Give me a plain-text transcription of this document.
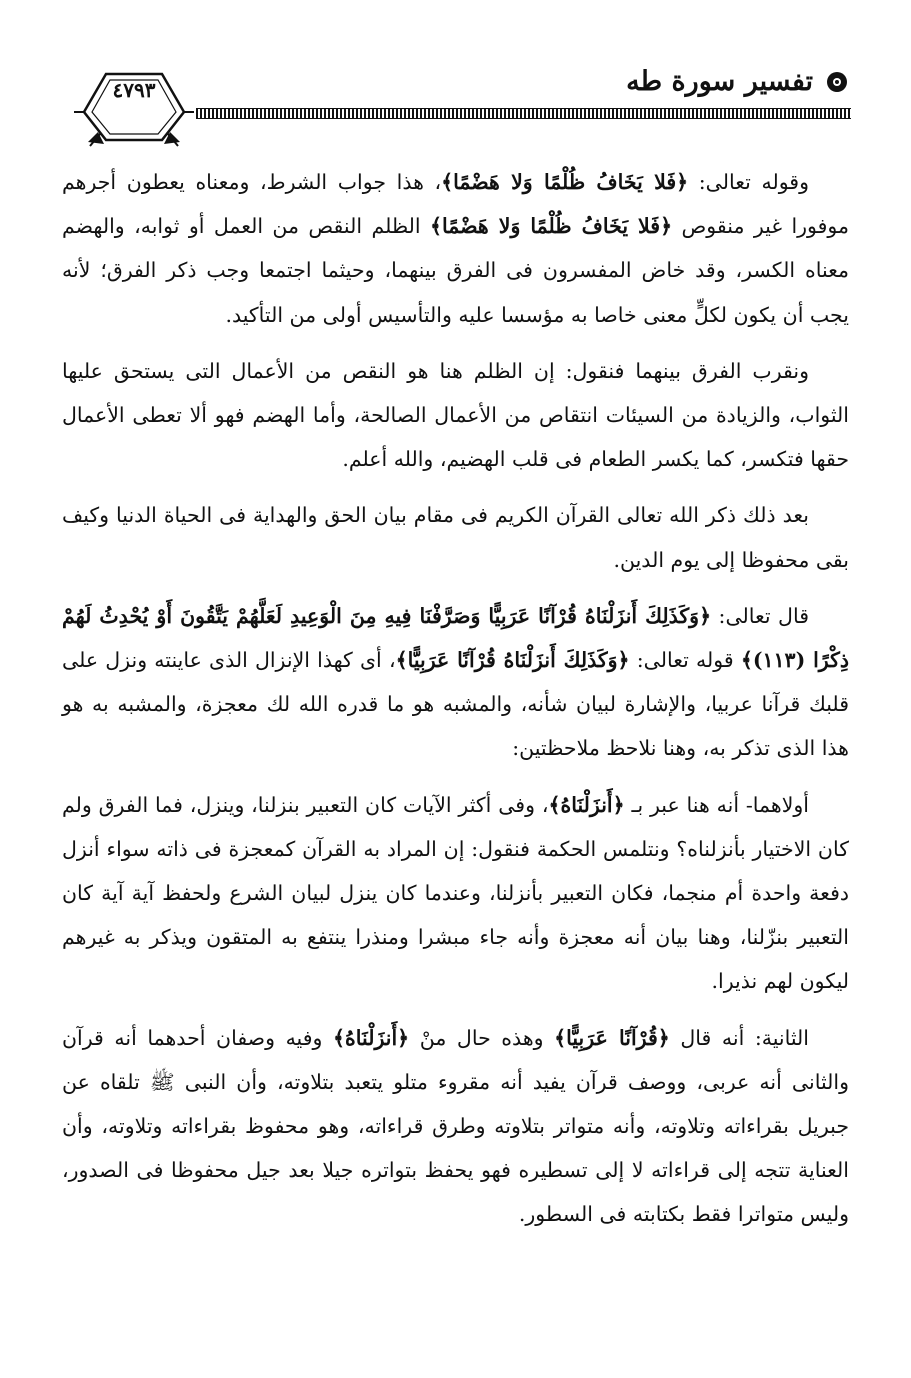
٤٧٩٣	تفسير سورة طه

وقوله تعالى: ﴿فَلا يَخَافُ ظُلْمًا وَلا هَضْمًا﴾، هذا جواب الشرط، ومعناه يعطون أجرهم موفورا غير منقوص ﴿فَلا يَخَافُ ظُلْمًا وَلا هَضْمًا﴾ الظلم النقص من العمل أو ثوابه، والهضم معناه الكسر، وقد خاض المفسرون فى الفرق بينهما، وحيثما اجتمعا وجب ذكر الفرق؛ لأنه يجب أن يكون لكلٍّ معنى خاصا به مؤسسا عليه والتأسيس أولى من التأكيد.

ونقرب الفرق بينهما فنقول: إن الظلم هنا هو النقص من الأعمال التى يستحق عليها الثواب، والزيادة من السيئات انتقاص من الأعمال الصالحة، وأما الهضم فهو ألا تعطى الأعمال حقها فتكسر، كما يكسر الطعام فى قلب الهضيم، والله أعلم.

بعد ذلك ذكر الله تعالى القرآن الكريم فى مقام بيان الحق والهداية فى الحياة الدنيا وكيف بقى محفوظا إلى يوم الدين.

قال تعالى: ﴿وَكَذَلِكَ أَنزَلْنَاهُ قُرْآنًا عَرَبِيًّا وَصَرَّفْنَا فِيهِ مِنَ الْوَعِيدِ لَعَلَّهُمْ يَتَّقُونَ أَوْ يُحْدِثُ لَهُمْ ذِكْرًا (١١٣)﴾ قوله تعالى: ﴿وَكَذَلِكَ أَنزَلْنَاهُ قُرْآنًا عَرَبِيًّا﴾، أى كهذا الإنزال الذى عاينته ونزل على قلبك قرآنا عربيا، والإشارة لبيان شأنه، والمشبه هو ما قدره الله لك معجزة، والمشبه به هو هذا الذى تذكر به، وهنا نلاحظ ملاحظتين:

أولاهما- أنه هنا عبر بـ ﴿أَنزَلْنَاهُ﴾، وفى أكثر الآيات كان التعبير بنزلنا، وينزل، فما الفرق ولم كان الاختيار بأنزلناه؟ ونتلمس الحكمة فنقول: إن المراد به القرآن كمعجزة فى ذاته سواء أنزل دفعة واحدة أم منجما، فكان التعبير بأنزلنا، وعندما كان ينزل لبيان الشرع ولحفظ آية آية كان التعبير بنزّلنا، وهنا بيان أنه معجزة وأنه جاء مبشرا ومنذرا ينتفع به المتقون ويذكر به غيرهم ليكون لهم نذيرا.

الثانية: أنه قال ﴿قُرْآنًا عَرَبِيًّا﴾ وهذه حال منْ ﴿أَنزَلْنَاهُ﴾ وفيه وصفان أحدهما أنه قرآن والثانى أنه عربى، ووصف قرآن يفيد أنه مقروء متلو يتعبد بتلاوته، وأن النبى ﷺ تلقاه عن جبريل بقراءاته وتلاوته، وأنه متواتر بتلاوته وطرق قراءاته، وهو محفوظ بقراءاته وتلاوته، وأن العناية تتجه إلى قراءاته لا إلى تسطيره فهو يحفظ بتواتره جيلا بعد جيل محفوظا فى الصدور، وليس متواترا فقط بكتابته فى السطور.
